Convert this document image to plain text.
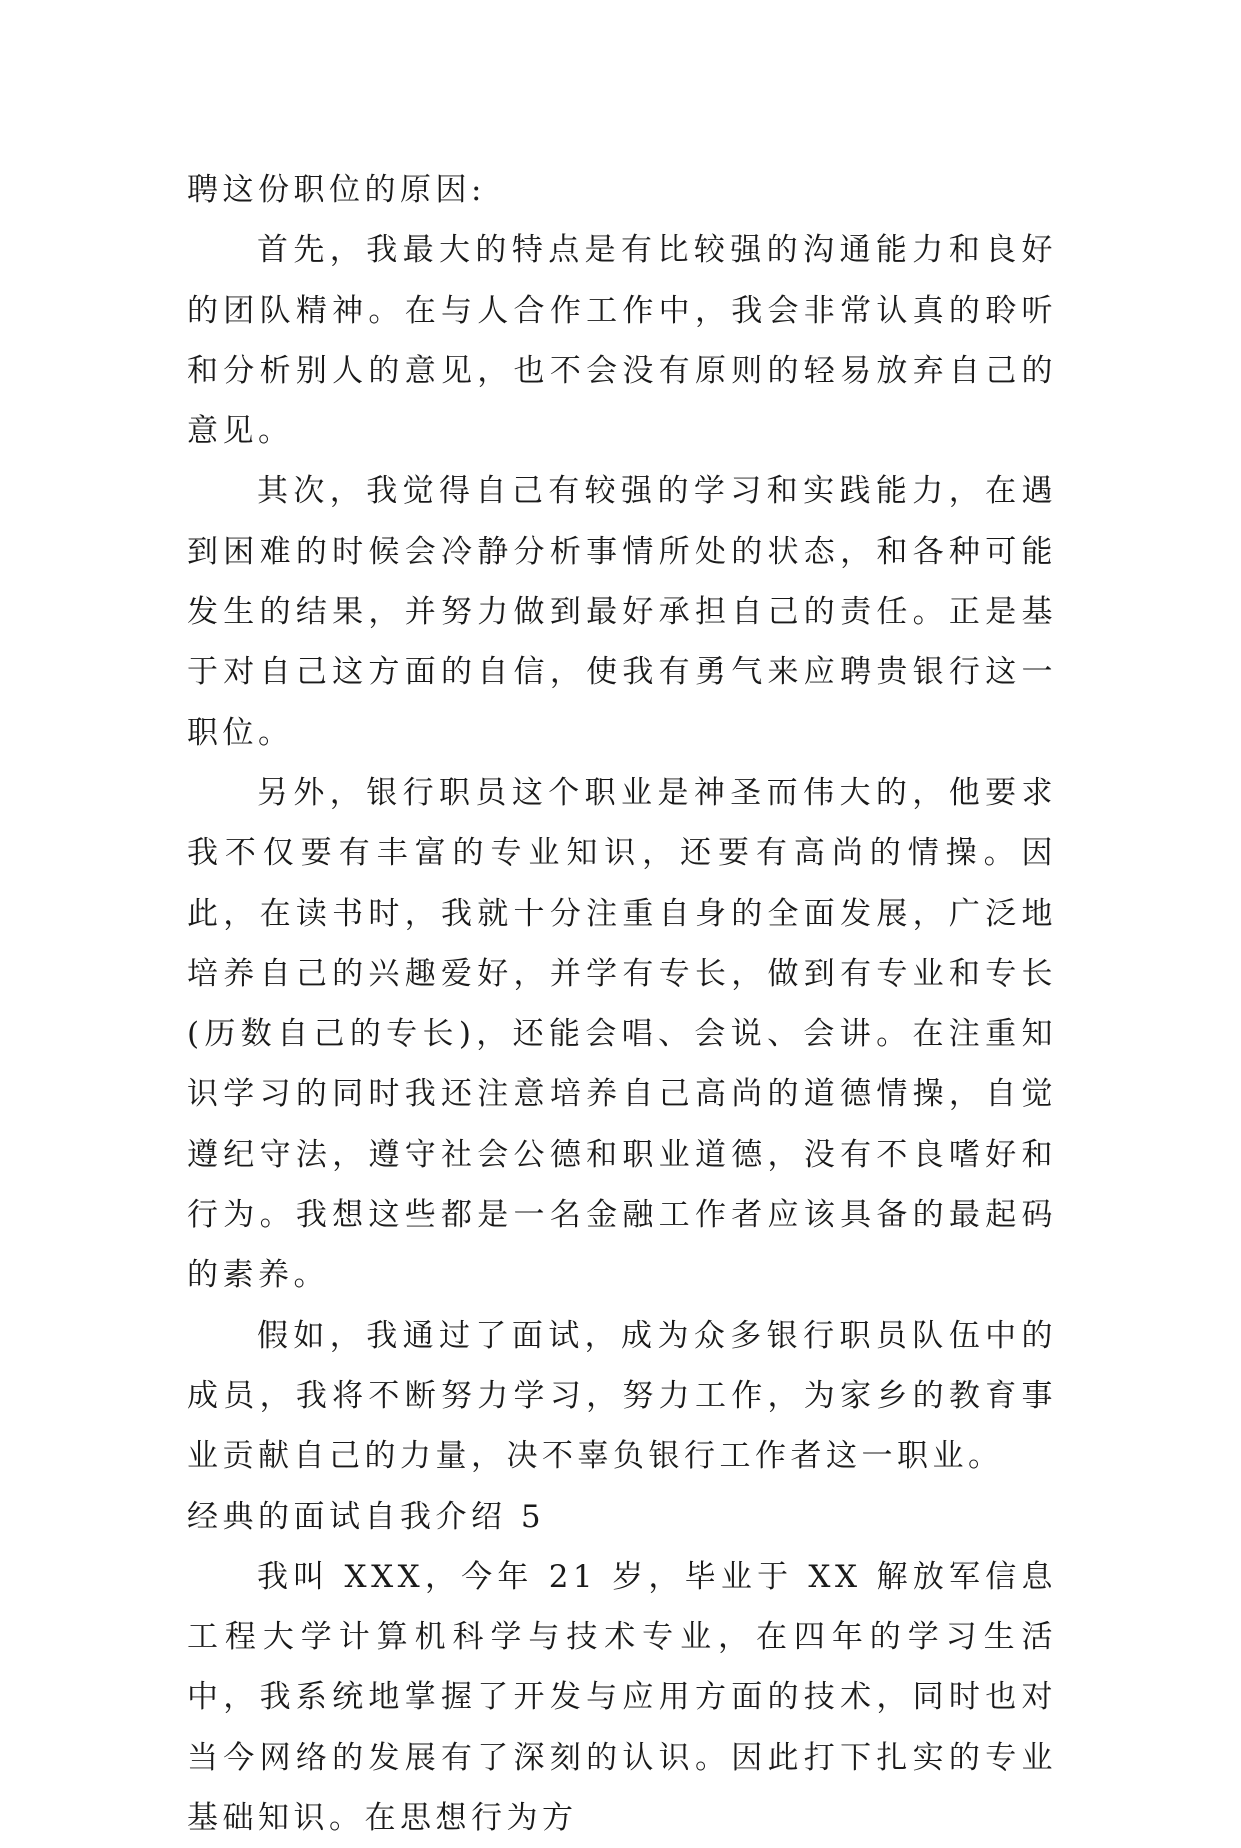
聘这份职位的原因:

首先，我最大的特点是有比较强的沟通能力和良好的团队精神。在与人合作工作中，我会非常认真的聆听和分析别人的意见，也不会没有原则的轻易放弃自己的意见。

其次，我觉得自己有较强的学习和实践能力，在遇到困难的时候会冷静分析事情所处的状态，和各种可能发生的结果，并努力做到最好承担自己的责任。正是基于对自己这方面的自信，使我有勇气来应聘贵银行这一职位。

另外，银行职员这个职业是神圣而伟大的，他要求我不仅要有丰富的专业知识，还要有高尚的情操。因此，在读书时，我就十分注重自身的全面发展，广泛地培养自己的兴趣爱好，并学有专长，做到有专业和专长(历数自己的专长)，还能会唱、会说、会讲。在注重知识学习的同时我还注意培养自己高尚的道德情操，自觉遵纪守法，遵守社会公德和职业道德，没有不良嗜好和行为。我想这些都是一名金融工作者应该具备的最起码的素养。

假如，我通过了面试，成为众多银行职员队伍中的成员，我将不断努力学习，努力工作，为家乡的教育事业贡献自己的力量，决不辜负银行工作者这一职业。

经典的面试自我介绍 5

我叫 XXX，今年 21 岁，毕业于 XX 解放军信息工程大学计算机科学与技术专业，在四年的学习生活中，我系统地掌握了开发与应用方面的技术，同时也对当今网络的发展有了深刻的认识。因此打下扎实的专业基础知识。在思想行为方
